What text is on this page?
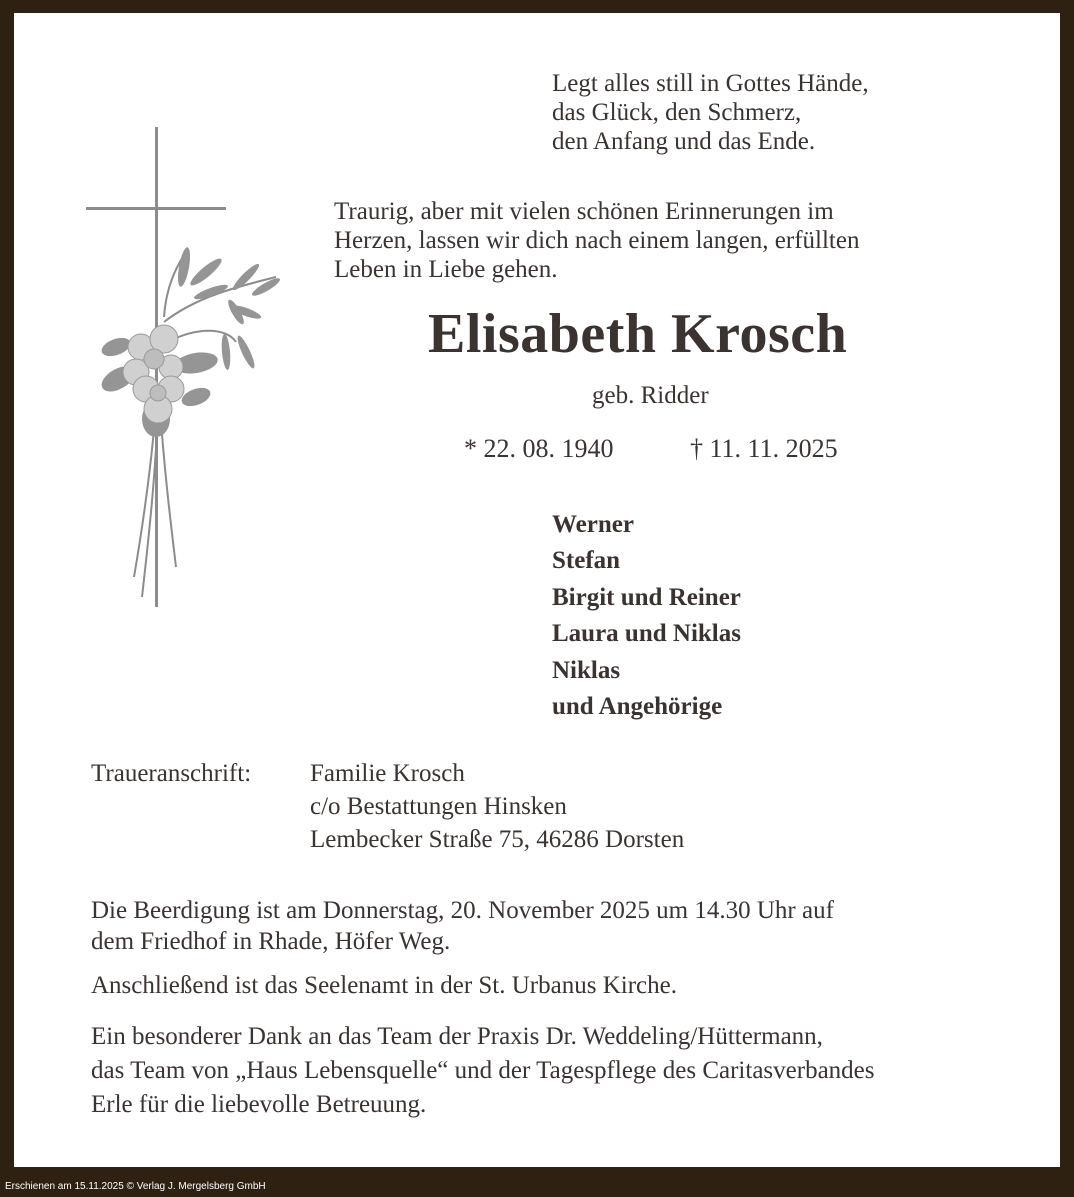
Legt alles still in Gottes Hände,
das Glück, den Schmerz,
den Anfang und das Ende.
Traurig, aber mit vielen schönen Erinnerungen im
Herzen, lassen wir dich nach einem langen, erfüllten
Leben in Liebe gehen.
Elisabeth Krosch
geb. Ridder
* 22. 08. 1940	† 11. 11. 2025
Werner
Stefan
Birgit und Reiner
Laura und Niklas
Niklas
und Angehörige
Traueranschrift: Familie Krosch
c/o Bestattungen Hinsken
Lembecker Straße 75, 46286 Dorsten
Die Beerdigung ist am Donnerstag, 20. November 2025 um 14.30 Uhr auf
dem Friedhof in Rhade, Höfer Weg.
Anschließend ist das Seelenamt in der St. Urbanus Kirche.
Ein besonderer Dank an das Team der Praxis Dr. Weddeling/Hüttermann,
das Team von „Haus Lebensquelle“ und der Tagespflege des Caritasverbandes
Erle für die liebevolle Betreuung.
Erschienen am 15.11.2025 © Verlag J. Mergelsberg GmbH
